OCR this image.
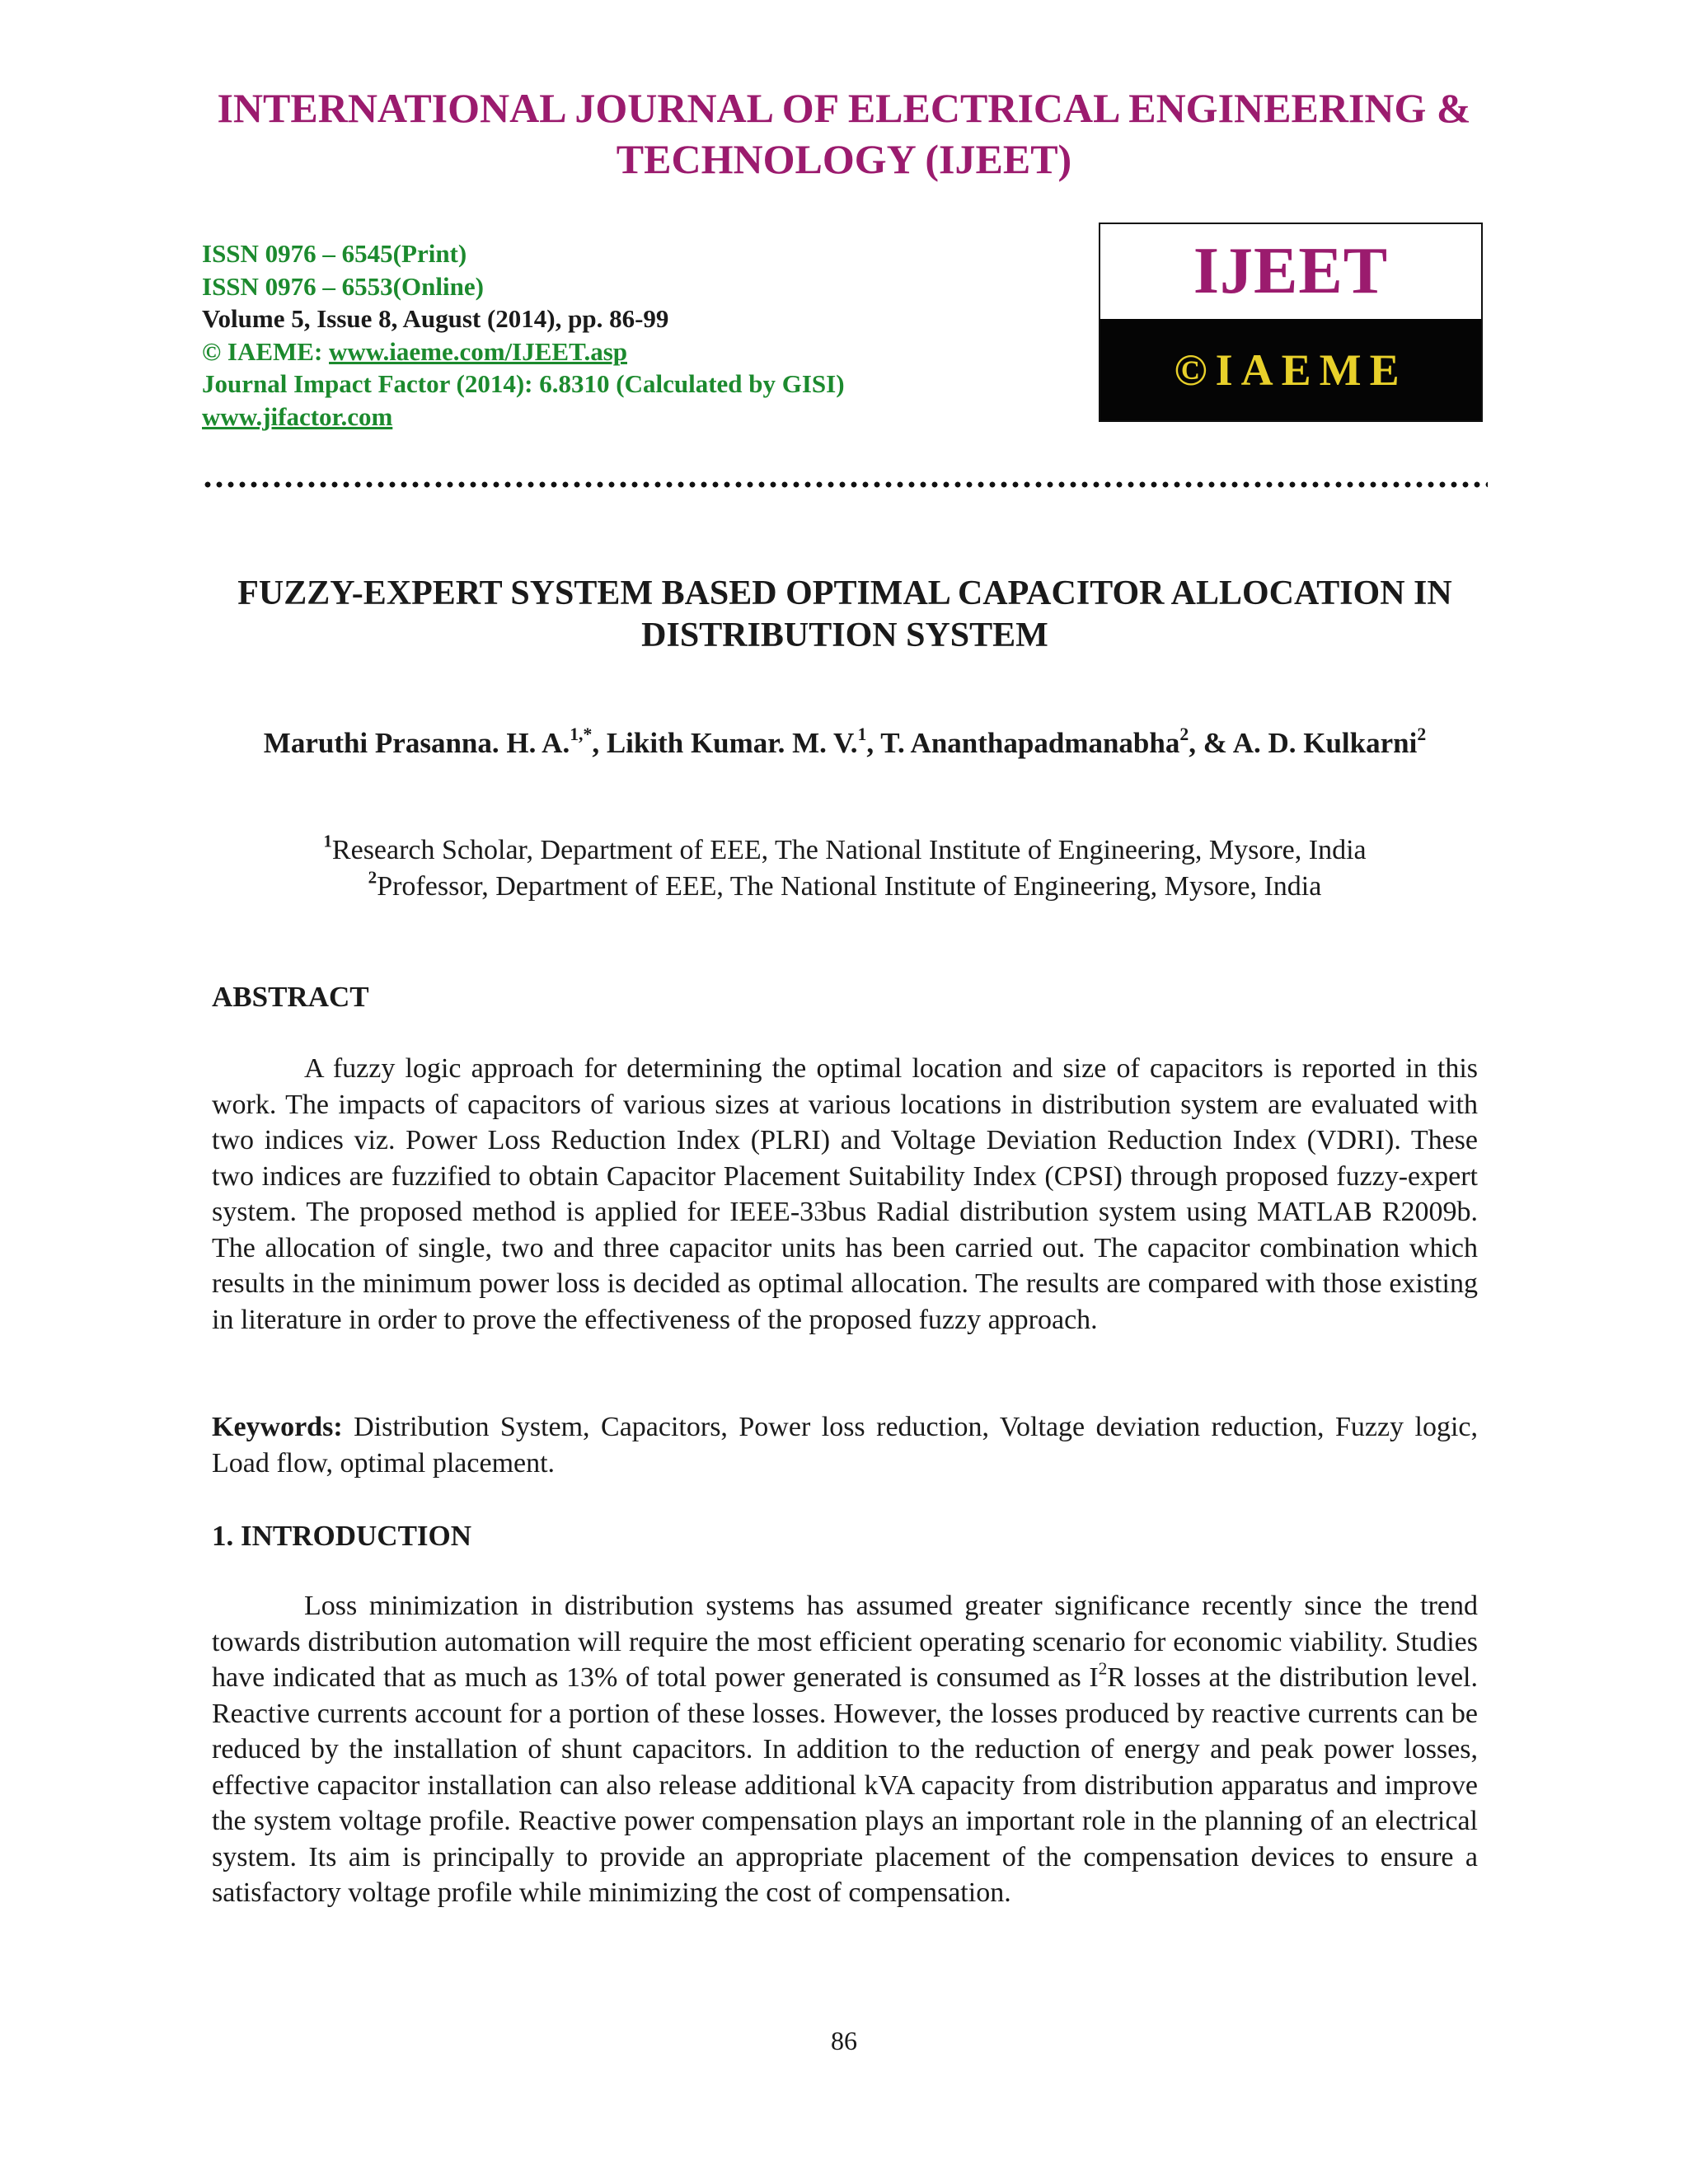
INTERNATIONAL JOURNAL OF ELECTRICAL ENGINEERING & TECHNOLOGY (IJEET)
ISSN 0976 – 6545(Print)
ISSN 0976 – 6553(Online)
Volume 5, Issue 8, August (2014), pp. 86-99
© IAEME: www.iaeme.com/IJEET.asp
Journal Impact Factor (2014): 6.8310 (Calculated by GISI)
www.jifactor.com
IJEET
©IAEME
FUZZY-EXPERT SYSTEM BASED OPTIMAL CAPACITOR ALLOCATION IN DISTRIBUTION SYSTEM
Maruthi Prasanna. H. A.$^{1,*}$, Likith Kumar. M. V.$^1$, T. Ananthapadmanabha$^2$, & A. D. Kulkarni$^2$
$^1$Research Scholar, Department of EEE, The National Institute of Engineering, Mysore, India
$^2$Professor, Department of EEE, The National Institute of Engineering, Mysore, India
ABSTRACT
A fuzzy logic approach for determining the optimal location and size of capacitors is reported in this work. The impacts of capacitors of various sizes at various locations in distribution system are evaluated with two indices viz. Power Loss Reduction Index (PLRI) and Voltage Deviation Reduction Index (VDRI). These two indices are fuzzified to obtain Capacitor Placement Suitability Index (CPSI) through proposed fuzzy-expert system. The proposed method is applied for IEEE-33bus Radial distribution system using MATLAB R2009b. The allocation of single, two and three capacitor units has been carried out. The capacitor combination which results in the minimum power loss is decided as optimal allocation. The results are compared with those existing in literature in order to prove the effectiveness of the proposed fuzzy approach.
Keywords: Distribution System, Capacitors, Power loss reduction, Voltage deviation reduction, Fuzzy logic, Load flow, optimal placement.
1. INTRODUCTION
Loss minimization in distribution systems has assumed greater significance recently since the trend towards distribution automation will require the most efficient operating scenario for economic viability. Studies have indicated that as much as 13% of total power generated is consumed as $I^2R$ losses at the distribution level. Reactive currents account for a portion of these losses. However, the losses produced by reactive currents can be reduced by the installation of shunt capacitors. In addition to the reduction of energy and peak power losses, effective capacitor installation can also release additional kVA capacity from distribution apparatus and improve the system voltage profile. Reactive power compensation plays an important role in the planning of an electrical system. Its aim is principally to provide an appropriate placement of the compensation devices to ensure a satisfactory voltage profile while minimizing the cost of compensation.
86
